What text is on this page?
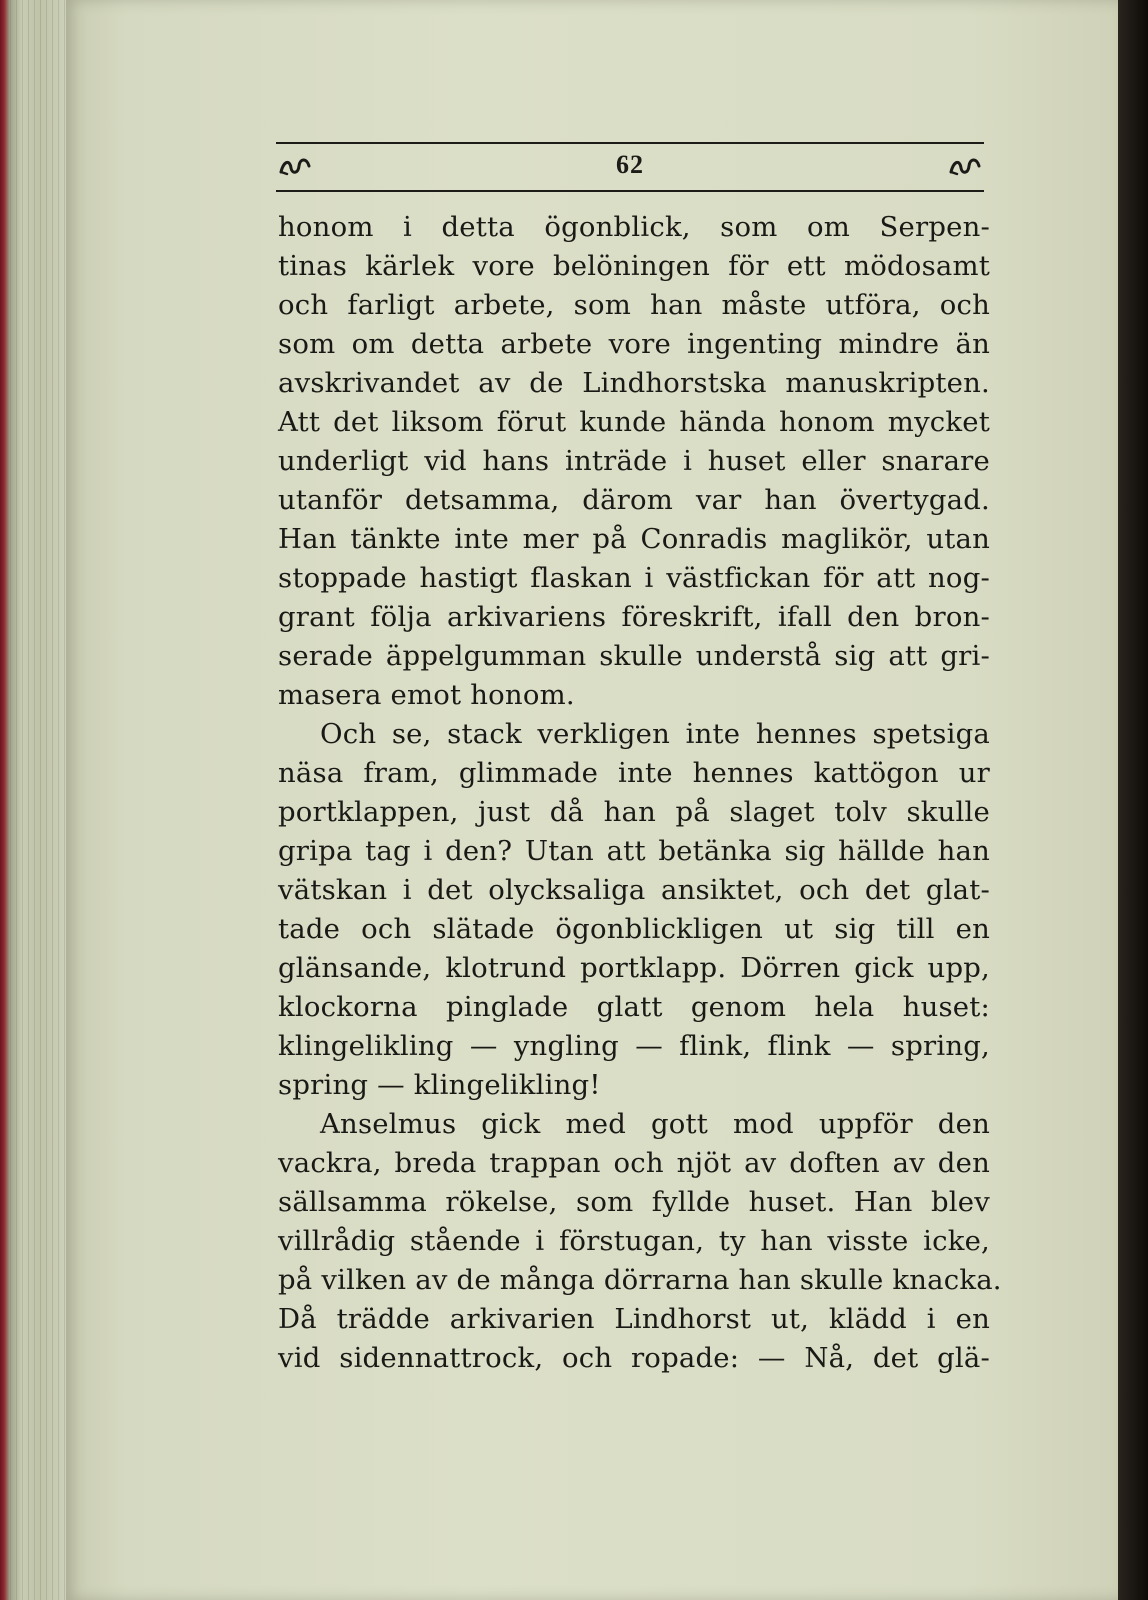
62
honom i detta ögonblick, som om Serpen-
tinas kärlek vore belöningen för ett mödosamt
och farligt arbete, som han måste utföra, och
som om detta arbete vore ingenting mindre än
avskrivandet av de Lindhorstska manuskripten.
Att det liksom förut kunde hända honom mycket
underligt vid hans inträde i huset eller snarare
utanför detsamma, därom var han övertygad.
Han tänkte inte mer på Conradis maglikör, utan
stoppade hastigt flaskan i västfickan för att nog-
grant följa arkivariens föreskrift, ifall den bron-
serade äppelgumman skulle understå sig att gri-
masera emot honom.
Och se, stack verkligen inte hennes spetsiga
näsa fram, glimmade inte hennes kattögon ur
portklappen, just då han på slaget tolv skulle
gripa tag i den? Utan att betänka sig hällde han
vätskan i det olycksaliga ansiktet, och det glat-
tade och slätade ögonblickligen ut sig till en
glänsande, klotrund portklapp. Dörren gick upp,
klockorna pinglade glatt genom hela huset:
klingelikling — yngling — flink, flink — spring,
spring — klingelikling!
Anselmus gick med gott mod uppför den
vackra, breda trappan och njöt av doften av den
sällsamma rökelse, som fyllde huset. Han blev
villrådig stående i förstugan, ty han visste icke,
på vilken av de många dörrarna han skulle knacka.
Då trädde arkivarien Lindhorst ut, klädd i en
vid sidennattrock, och ropade: — Nå, det glä-
